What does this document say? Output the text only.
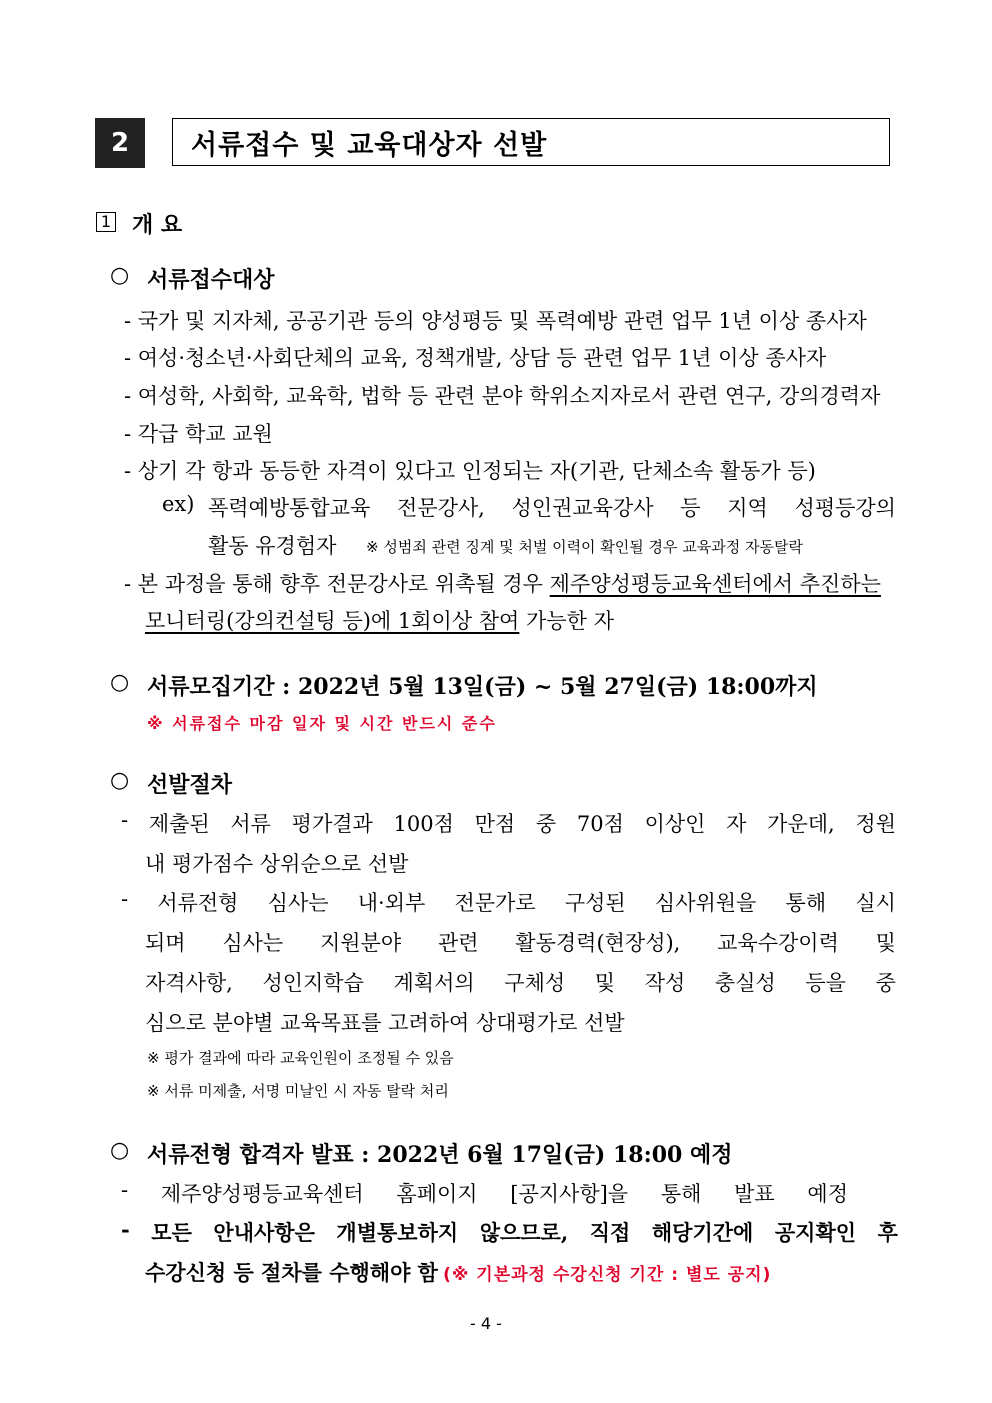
2	서류접수 및 교육대상자 선발
1 개 요
○ 서류접수대상
- 국가 및 지자체, 공공기관 등의 양성평등 및 폭력예방 관련 업무 1년 이상 종사자
- 여성·청소년·사회단체의 교육, 정책개발, 상담 등 관련 업무 1년 이상 종사자
- 여성학, 사회학, 교육학, 법학 등 관련 분야 학위소지자로서 관련 연구, 강의경력자
- 각급 학교 교원
- 상기 각 항과 동등한 자격이 있다고 인정되는 자(기관, 단체소속 활동가 등)
ex) 폭력예방통합교육 전문강사, 성인권교육강사 등 지역 성평등강의
활동 유경험자 ※ 성범죄 관련 징계 및 처벌 이력이 확인될 경우 교육과정 자동탈락
- 본 과정을 통해 향후 전문강사로 위촉될 경우 제주양성평등교육센터에서 추진하는
모니터링(강의컨설팅 등)에 1회이상 참여 가능한 자
○ 서류모집기간 : 2022년 5월 13일(금) ~ 5월 27일(금) 18:00까지
※ 서류접수 마감 일자 및 시간 반드시 준수
○ 선발절차
- 제출된 서류 평가결과 100점 만점 중 70점 이상인 자 가운데, 정원
내 평가점수 상위순으로 선발
- 서류전형 심사는 내·외부 전문가로 구성된 심사위원을 통해 실시
되며 심사는 지원분야 관련 활동경력(현장성), 교육수강이력 및
자격사항, 성인지학습 계획서의 구체성 및 작성 충실성 등을 중
심으로 분야별 교육목표를 고려하여 상대평가로 선발
※ 평가 결과에 따라 교육인원이 조정될 수 있음
※ 서류 미제출, 서명 미날인 시 자동 탈락 처리
○ 서류전형 합격자 발표 : 2022년 6월 17일(금) 18:00 예정
- 제주양성평등교육센터 홈페이지 [공지사항]을 통해 발표 예정
- 모든 안내사항은 개별통보하지 않으므로, 직접 해당기간에 공지확인 후
수강신청 등 절차를 수행해야 함 (※ 기본과정 수강신청 기간 : 별도 공지)
- 4 -
